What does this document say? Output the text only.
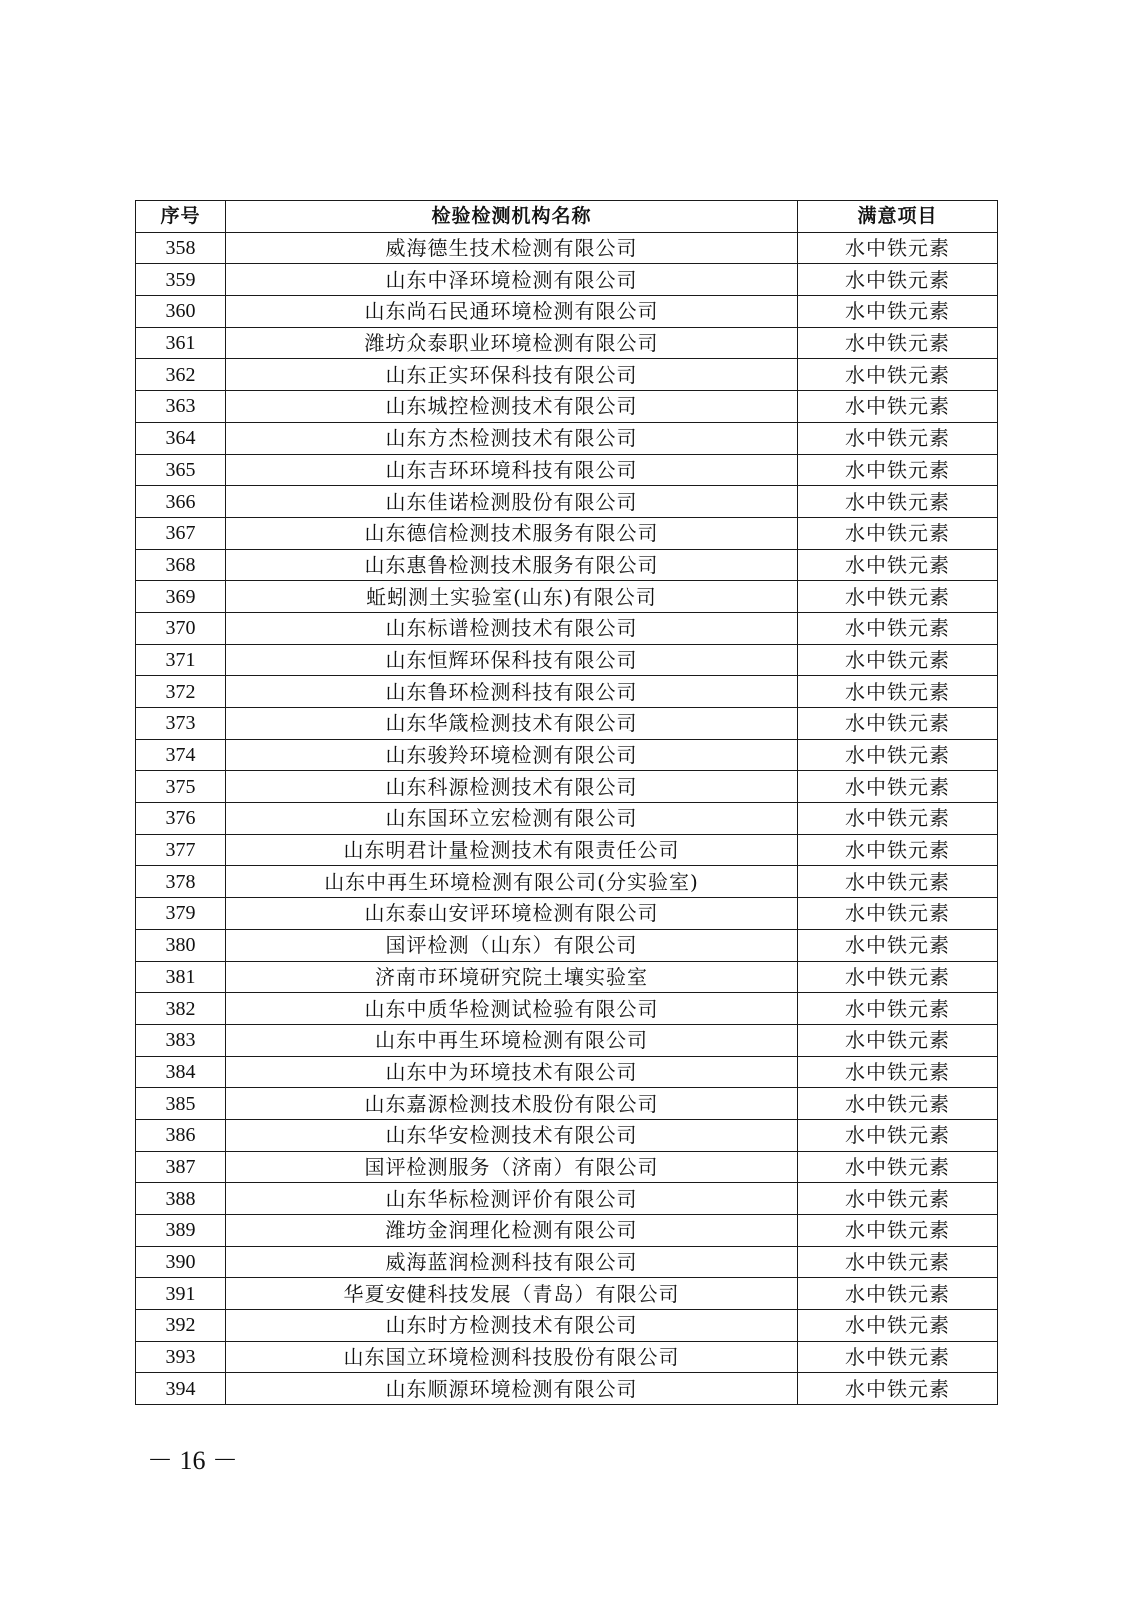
序号	检验检测机构名称	满意项目
358	威海德生技术检测有限公司	水中铁元素
359	山东中泽环境检测有限公司	水中铁元素
360	山东尚石民通环境检测有限公司	水中铁元素
361	潍坊众泰职业环境检测有限公司	水中铁元素
362	山东正实环保科技有限公司	水中铁元素
363	山东城控检测技术有限公司	水中铁元素
364	山东方杰检测技术有限公司	水中铁元素
365	山东吉环环境科技有限公司	水中铁元素
366	山东佳诺检测股份有限公司	水中铁元素
367	山东德信检测技术服务有限公司	水中铁元素
368	山东惠鲁检测技术服务有限公司	水中铁元素
369	蚯蚓测土实验室(山东)有限公司	水中铁元素
370	山东标谱检测技术有限公司	水中铁元素
371	山东恒辉环保科技有限公司	水中铁元素
372	山东鲁环检测科技有限公司	水中铁元素
373	山东华箴检测技术有限公司	水中铁元素
374	山东骏羚环境检测有限公司	水中铁元素
375	山东科源检测技术有限公司	水中铁元素
376	山东国环立宏检测有限公司	水中铁元素
377	山东明君计量检测技术有限责任公司	水中铁元素
378	山东中再生环境检测有限公司(分实验室)	水中铁元素
379	山东泰山安评环境检测有限公司	水中铁元素
380	国评检测（山东）有限公司	水中铁元素
381	济南市环境研究院土壤实验室	水中铁元素
382	山东中质华检测试检验有限公司	水中铁元素
383	山东中再生环境检测有限公司	水中铁元素
384	山东中为环境技术有限公司	水中铁元素
385	山东嘉源检测技术股份有限公司	水中铁元素
386	山东华安检测技术有限公司	水中铁元素
387	国评检测服务（济南）有限公司	水中铁元素
388	山东华标检测评价有限公司	水中铁元素
389	潍坊金润理化检测有限公司	水中铁元素
390	威海蓝润检测科技有限公司	水中铁元素
391	华夏安健科技发展（青岛）有限公司	水中铁元素
392	山东时方检测技术有限公司	水中铁元素
393	山东国立环境检测科技股份有限公司	水中铁元素
394	山东顺源环境检测有限公司	水中铁元素
－ 16 －
